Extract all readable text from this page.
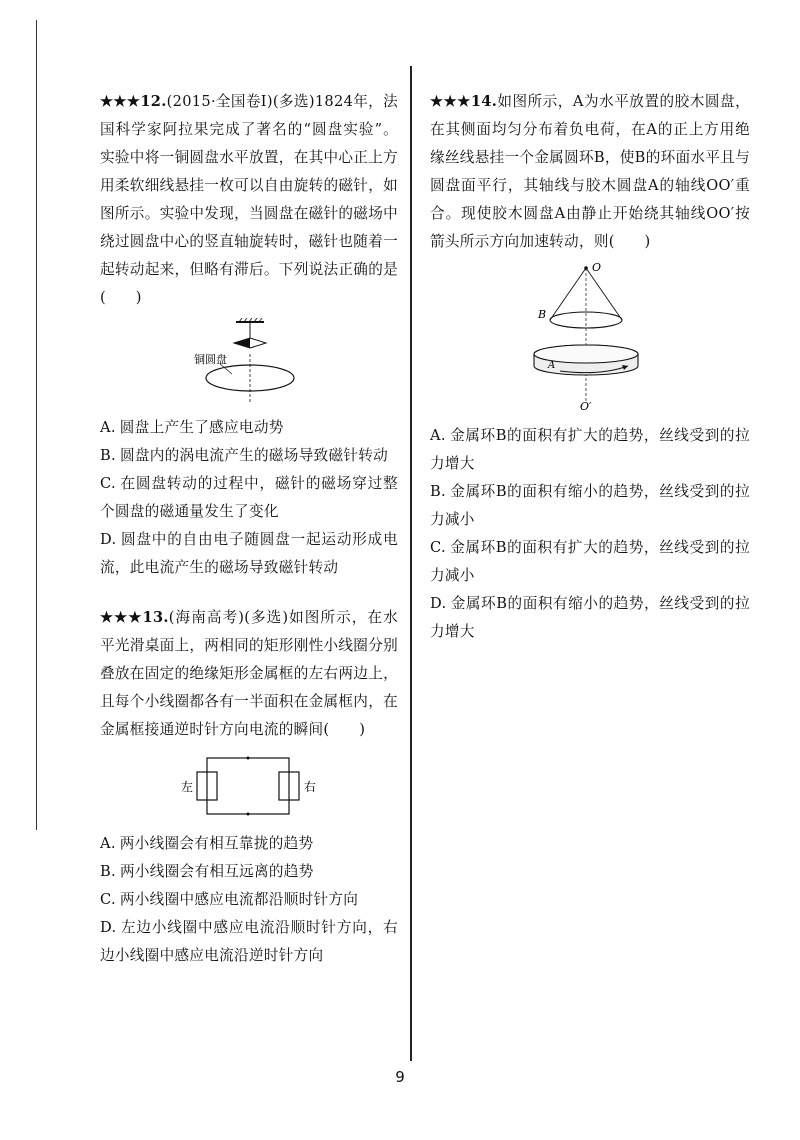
★★★12.(2015·全国卷Ⅰ)(多选)1824年，法国科学家阿拉果完成了著名的“圆盘实验”。实验中将一铜圆盘水平放置，在其中心正上方用柔软细线悬挂一枚可以自由旋转的磁针，如图所示。实验中发现，当圆盘在磁针的磁场中绕过圆盘中心的竖直轴旋转时，磁针也随着一起转动起来，但略有滞后。下列说法正确的是(　　)

铜圆盘

A. 圆盘上产生了感应电动势

B. 圆盘内的涡电流产生的磁场导致磁针转动

C. 在圆盘转动的过程中，磁针的磁场穿过整个圆盘的磁通量发生了变化

D. 圆盘中的自由电子随圆盘一起运动形成电流，此电流产生的磁场导致磁针转动

★★★13.(海南高考)(多选)如图所示，在水平光滑桌面上，两相同的矩形刚性小线圈分别叠放在固定的绝缘矩形金属框的左右两边上，且每个小线圈都各有一半面积在金属框内，在金属框接通逆时针方向电流的瞬间(　　)

左	右

A. 两小线圈会有相互靠拢的趋势

B. 两小线圈会有相互远离的趋势

C. 两小线圈中感应电流都沿顺时针方向

D. 左边小线圈中感应电流沿顺时针方向，右边小线圈中感应电流沿逆时针方向

★★★14.如图所示，A为水平放置的胶木圆盘，在其侧面均匀分布着负电荷，在A的正上方用绝缘丝线悬挂一个金属圆环B，使B的环面水平且与圆盘面平行，其轴线与胶木圆盘A的轴线OO′重合。现使胶木圆盘A由静止开始绕其轴线OO′按箭头所示方向加速转动，则(　　)

O
B
A
O′

A. 金属环B的面积有扩大的趋势，丝线受到的拉力增大

B. 金属环B的面积有缩小的趋势，丝线受到的拉力减小

C. 金属环B的面积有扩大的趋势，丝线受到的拉力减小

D. 金属环B的面积有缩小的趋势，丝线受到的拉力增大

9
